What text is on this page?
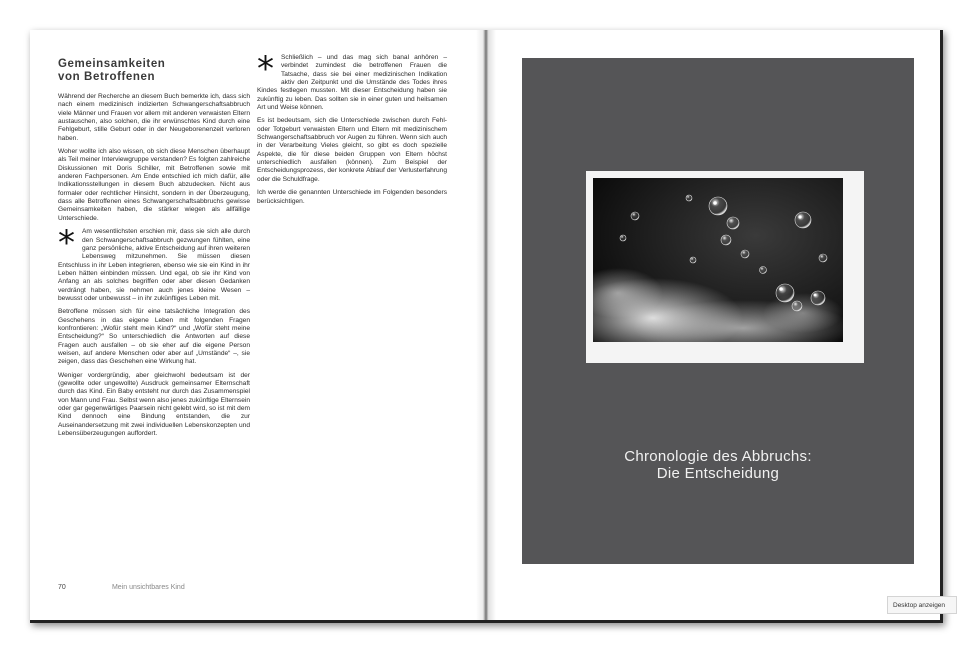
Gemeinsamkeiten
von Betroffenen

Während der Recherche an diesem Buch bemerkte ich, dass sich nach einem medizinisch indizierten Schwangerschaftsabbruch viele Männer und Frauen vor allem mit anderen verwaisten Eltern austauschen, also solchen, die ihr erwünschtes Kind durch eine Fehlgeburt, stille Geburt oder in der Neugeborenenzeit verloren haben.

Woher wollte ich also wissen, ob sich diese Menschen überhaupt als Teil meiner Interviewgruppe verstanden? Es folgten zahlreiche Diskussionen mit Doris Schiller, mit Betroffenen sowie mit anderen Fachpersonen. Am Ende entschied ich mich dafür, alle Indikationsstellungen in diesem Buch abzudecken. Nicht aus formaler oder rechtlicher Hinsicht, sondern in der Überzeugung, dass alle Betroffenen eines Schwangerschaftsabbruchs gewisse Gemeinsamkeiten haben, die stärker wiegen als allfällige Unterschiede.

*	Am wesentlichsten erschien mir, dass sie sich alle durch den Schwangerschaftsabbruch gezwungen fühlten, eine ganz persönliche, aktive Entscheidung auf ihren weiteren Lebensweg mitzunehmen. Sie müssen diesen Entschluss in ihr Leben integrieren, ebenso wie sie ein Kind in ihr Leben hätten einbinden müssen. Und egal, ob sie ihr Kind von Anfang an als solches begriffen oder aber diesen Gedanken verdrängt haben, sie nehmen auch jenes kleine Wesen – bewusst oder unbewusst – in ihr zukünftiges Leben mit.

Betroffene müssen sich für eine tatsächliche Integration des Geschehens in das eigene Leben mit folgenden Fragen konfrontieren: „Wofür steht mein Kind?“ und „Wofür steht meine Entscheidung?“ So unterschiedlich die Antworten auf diese Fragen auch ausfallen – ob sie eher auf die eigene Person weisen, auf andere Menschen oder aber auf „Umstände“ –, sie zeigen, dass das Geschehen eine Wirkung hat.

Weniger vordergründig, aber gleichwohl bedeutsam ist der (gewollte oder ungewollte) Ausdruck gemeinsamer Elternschaft durch das Kind. Ein Baby entsteht nur durch das Zusammenspiel von Mann und Frau. Selbst wenn also jenes zukünftige Elternsein oder gar gegenwärtiges Paarsein nicht gelebt wird, so ist mit dem Kind dennoch eine Bindung entstanden, die zur Auseinandersetzung mit zwei individuellen Lebenskonzepten und Lebensüberzeugungen auffordert.

*	Schließlich – und das mag sich banal anhören – verbindet zumindest die betroffenen Frauen die Tatsache, dass sie bei einer medizinischen Indikation aktiv den Zeitpunkt und die Umstände des Todes ihres Kindes festlegen mussten. Mit dieser Entscheidung haben sie zukünftig zu leben. Das sollten sie in einer guten und heilsamen Art und Weise können.

Es ist bedeutsam, sich die Unterschiede zwischen durch Fehl- oder Totgeburt verwaisten Eltern und Eltern mit medizinischem Schwangerschaftsabbruch vor Augen zu führen. Wenn sich auch in der Verarbeitung Vieles gleicht, so gibt es doch spezielle Aspekte, die für diese beiden Gruppen von Eltern höchst unterschiedlich ausfallen (können). Zum Beispiel der Entscheidungsprozess, der konkrete Ablauf der Verlusterfahrung oder die Schuldfrage.

Ich werde die genannten Unterschiede im Folgenden besonders berücksichtigen.

70	Mein unsichtbares Kind
Chronologie des Abbruchs:
Die Entscheidung
Desktop anzeigen
